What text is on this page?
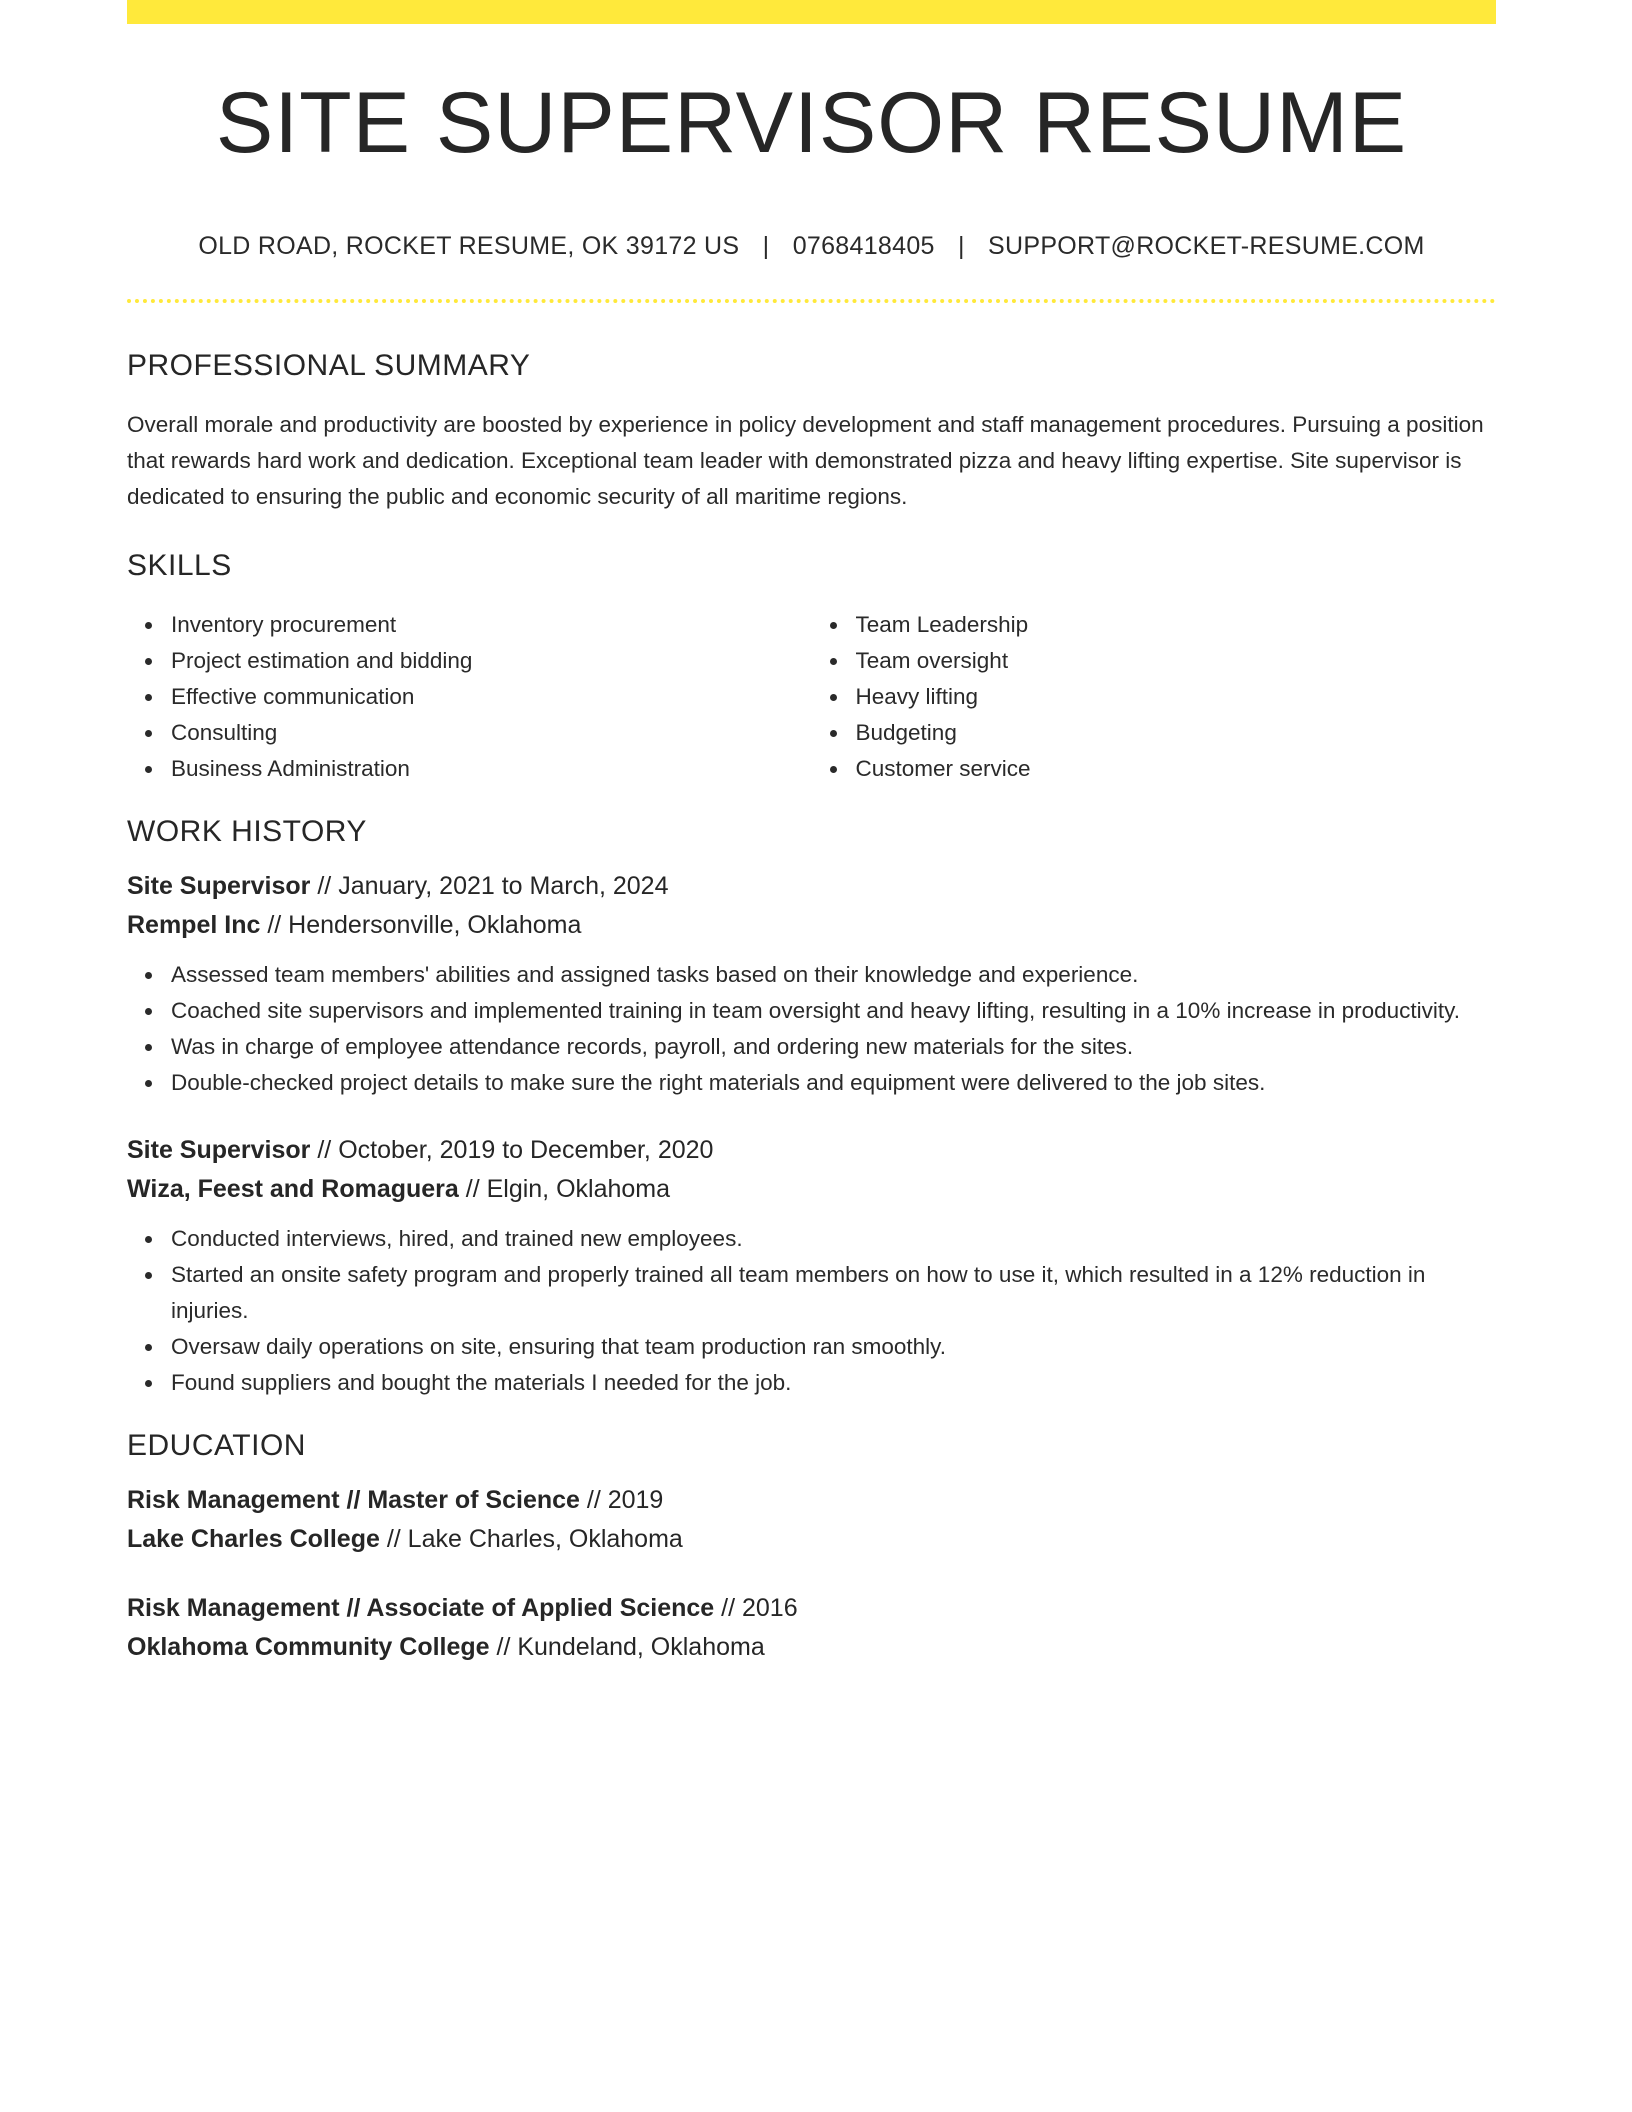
SITE SUPERVISOR RESUME
OLD ROAD, ROCKET RESUME, OK 39172 US | 0768418405 | SUPPORT@ROCKET-RESUME.COM
PROFESSIONAL SUMMARY

Overall morale and productivity are boosted by experience in policy development and staff management procedures. Pursuing a position that rewards hard work and dedication. Exceptional team leader with demonstrated pizza and heavy lifting expertise. Site supervisor is dedicated to ensuring the public and economic security of all maritime regions.

SKILLS
Inventory procurement
Project estimation and bidding
Effective communication
Consulting
Business Administration
Team Leadership
Team oversight
Heavy lifting
Budgeting
Customer service
WORK HISTORY
Site Supervisor // January, 2021 to March, 2024
Rempel Inc // Hendersonville, Oklahoma
Assessed team members' abilities and assigned tasks based on their knowledge and experience.
Coached site supervisors and implemented training in team oversight and heavy lifting, resulting in a 10% increase in productivity.
Was in charge of employee attendance records, payroll, and ordering new materials for the sites.
Double-checked project details to make sure the right materials and equipment were delivered to the job sites.
Site Supervisor // October, 2019 to December, 2020
Wiza, Feest and Romaguera // Elgin, Oklahoma
Conducted interviews, hired, and trained new employees.
Started an onsite safety program and properly trained all team members on how to use it, which resulted in a 12% reduction in injuries.
Oversaw daily operations on site, ensuring that team production ran smoothly.
Found suppliers and bought the materials I needed for the job.
EDUCATION
Risk Management // Master of Science // 2019
Lake Charles College // Lake Charles, Oklahoma
Risk Management // Associate of Applied Science // 2016
Oklahoma Community College // Kundeland, Oklahoma
